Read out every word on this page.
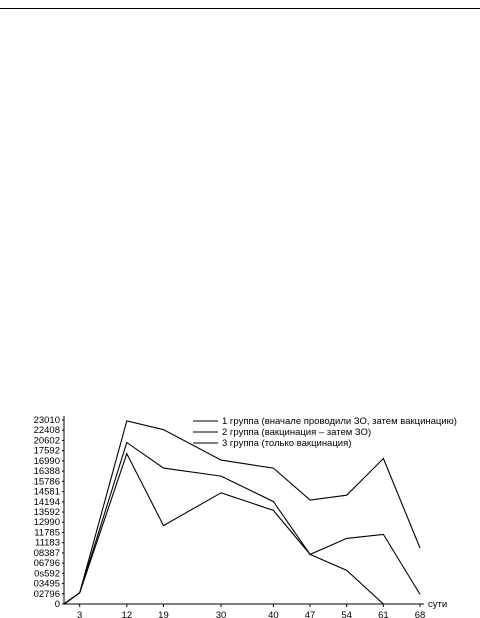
0
02796
03495
0s592
06796
08387
11183
11785
12990
13592
14194
14581
15786
16388
16990
17592
20602
22408
23010
3	12	19	30	40	47	54	61	68
сути
1 группа (вначале проводили ЗО, затем вакцинацию)
2 группа (вакцинация – затем ЗО)
3 группа (только вакцинация)
